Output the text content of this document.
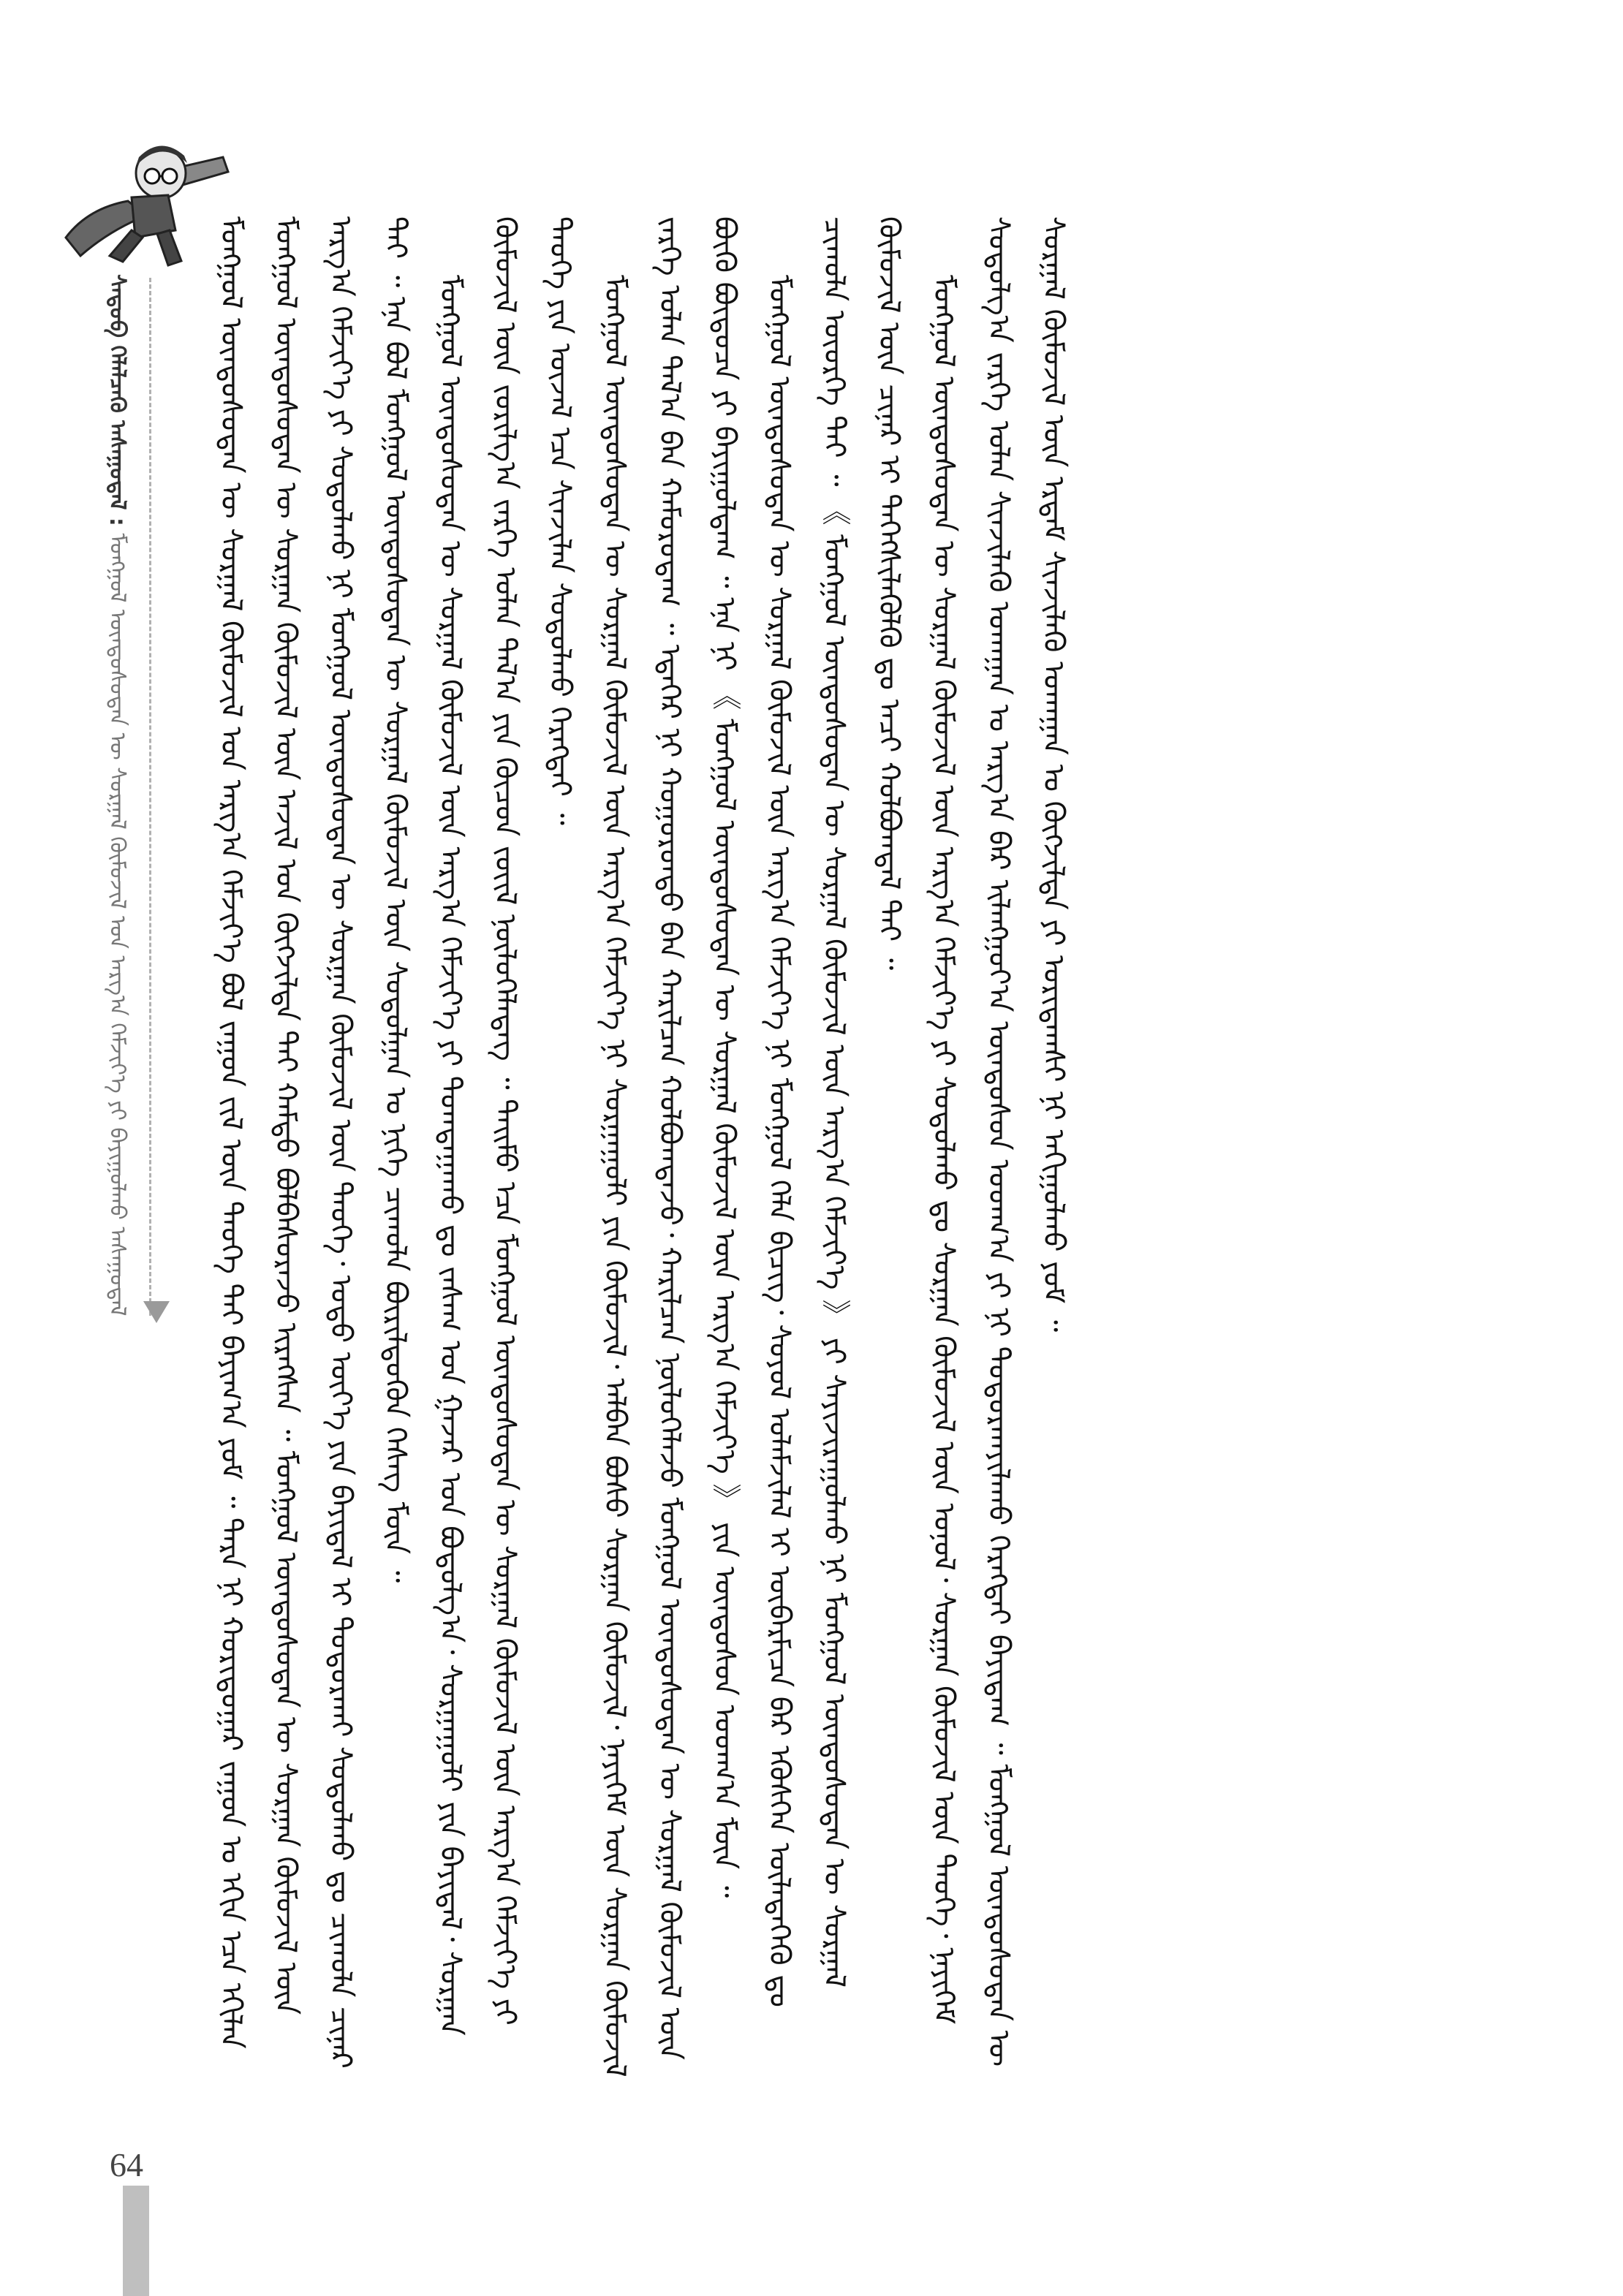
ᠰᠡᠳᠦᠪ ᠬᠡᠯᠡᠯᠴᠡᠬᠦ ᠠᠰᠠᠭᠤᠳᠠᠯ : ᠮᠣᠩᠭᠣᠯ ᠦᠨᠳᠦᠰᠦᠲᠡᠨ ᠦ ᠰᠤᠷᠭᠠᠯ ᠬᠦᠮᠦᠵᠢᠯ ᠤᠨ ᠠᠷᠭ᠎ᠠ ᠬᠡᠮᠵᠢᠶ᠎ᠡ ᠶᠢ ᠪᠠᠶᠢᠭᠤᠯᠬᠤ ᠠᠰᠠᠭᠤᠳᠠᠯ	ᠮᠣᠩᠭᠣᠯ ᠦᠨᠳᠦᠰᠦᠲᠡᠨ ᠦ ᠰᠤᠷᠭᠠᠯ ᠬᠦᠮᠦᠵᠢᠯ ᠤᠨ ᠠᠷᠭ᠎ᠠ ᠬᠡᠮᠵᠢᠶ᠎ᠡ ᠪᠣᠯ ᠵᠠᠭᠤᠨ ᠵᠢᠯ ᠦᠨ ᠲᠡᠦᠬᠡ ᠲᠡᠢ ᠪᠠᠶᠢᠭ᠎ᠠ ᠶᠤᠮ ᠃ ᠲᠡᠷᠡ ᠨᠢ ᠬᠣᠷᠢᠳᠤᠭᠠᠷ ᠵᠠᠭᠤᠨ ᠤ ᠡᠬᠢᠨ ᠡᠴᠡ ᠡᠬᠢᠯᠡᠨ ᠮᠣᠩᠭᠣᠯ ᠦᠨᠳᠦᠰᠦᠲᠡᠨ ᠦ ᠰᠤᠷᠭᠠᠨ ᠬᠦᠮᠦᠵᠢᠯ ᠦᠨ ᠠᠵᠢᠯ ᠤᠨ ᠬᠦᠭᠵᠢᠯᠲᠡ ᠲᠠᠢ ᠬᠠᠮᠲᠤ ᠪᠣᠯᠪᠠᠰᠤᠷᠠᠵᠤ ᠢᠷᠡᠭᠰᠡᠨ ᠃ ᠮᠣᠩᠭᠣᠯ ᠦᠨᠳᠦᠰᠦᠲᠡᠨ ᠦ ᠰᠤᠷᠭᠠᠨ ᠬᠦᠮᠦᠵᠢᠯ ᠦᠨ ᠠᠷᠭ᠎ᠠ ᠬᠡᠮᠵᠢᠶ᠎ᠡ ᠶᠢ ᠰᠤᠳᠤᠯᠬᠤ ᠨᠢ ᠮᠣᠩᠭᠣᠯ ᠦᠨᠳᠦᠰᠦᠲᠡᠨ ᠦ ᠰᠤᠷᠭᠠᠨ ᠬᠦᠮᠦᠵᠢᠯ ᠦᠨ ᠲᠡᠦᠬᠡ᠂ ᠣᠳᠣ ᠦᠶ᠎ᠡ ᠶᠢᠨ ᠪᠠᠶᠢᠳᠠᠯ ᠢ ᠲᠣᠳᠣᠷᠬᠠᠶ ᠰᠤᠳᠤᠯᠬᠤ ᠳᠤ ᠴᠢᠬᠤᠯᠠ ᠴᠢᠨᠠᠷ ᠲᠠᠢ ᠃ ᠡᠨᠡ ᠪᠣᠯ ᠮᠣᠩᠭᠣᠯ ᠦᠨᠳᠦᠰᠦᠲᠡᠨ ᠦ ᠰᠤᠷᠭᠠᠯ ᠬᠦᠮᠦᠵᠢᠯ ᠦᠨ ᠰᠤᠳᠤᠯᠭᠠᠨ ᠤ ᠨᠢᠭᠡ ᠴᠢᠬᠤᠯᠠ ᠪᠦᠷᠢᠯᠳᠦᠬᠦᠨ ᠬᠡᠰᠡᠭ ᠮᠥᠨ ᠃ ᠮᠣᠩᠭᠣᠯ ᠦᠨᠳᠦᠰᠦᠲᠡᠨ ᠦ ᠰᠤᠷᠭᠠᠯ ᠬᠦᠮᠦᠵᠢᠯ ᠦᠨ ᠠᠷᠭ᠎ᠠ ᠬᠡᠮᠵᠢᠶ᠎ᠡ ᠶᠢ ᠲᠣᠭᠲᠠᠭᠠᠬᠤ ᠳᠤ ᠵᠠᠰᠠᠭ ᠤᠨ ᠭᠠᠵᠠᠷ ᠤᠨ ᠪᠣᠳᠣᠯᠭ᠎ᠠ᠂ ᠰᠤᠷᠭᠠᠭᠤᠯᠢ ᠶᠢᠨ ᠪᠠᠶᠢᠳᠠᠯ᠂ ᠰᠤᠷᠭᠠᠨ ᠬᠦᠮᠦᠵᠢᠯ ᠦᠨ ᠵᠣᠷᠢᠯᠭ᠎ᠠ ᠵᠡᠷᠭᠡ ᠣᠯᠠᠨ ᠲᠠᠯ᠎ᠠ ᠶᠢᠨ ᠬᠦᠴᠦᠨ ᠵᠦᠢᠯ ᠨᠥᠯᠦᠭᠡᠯᠡᠳᠡᠭ ᠃ ᠲᠡᠢᠮᠦ ᠡᠴᠡ ᠮᠣᠩᠭᠣᠯ ᠦᠨᠳᠦᠰᠦᠲᠡᠨ ᠦ ᠰᠤᠷᠭᠠᠯ ᠬᠦᠮᠦᠵᠢᠯ ᠦᠨ ᠠᠷᠭ᠎ᠠ ᠬᠡᠮᠵᠢᠶ᠎ᠡ ᠶᠢ ᠲᠡᠦᠬᠡ ᠶᠢᠨ ᠦᠵᠡᠯ ᠡᠴᠡ ᠰᠢᠨᠵᠢᠯᠡᠨ ᠰᠤᠳᠤᠯᠬᠤ ᠬᠡᠷᠡᠭᠲᠡᠢ ᠃ ᠮᠣᠩᠭᠣᠯ ᠦᠨᠳᠦᠰᠦᠲᠡᠨ ᠦ ᠰᠤᠷᠭᠠᠯ ᠬᠦᠮᠦᠵᠢᠯ ᠦᠨ ᠠᠷᠭ᠎ᠠ ᠬᠡᠮᠵᠢᠶ᠎ᠡ ᠨᠢ ᠰᠤᠷᠭᠠᠭᠤᠯᠢ ᠶᠢᠨ ᠬᠦᠮᠦᠵᠢᠯ᠂ ᠠᠯᠪᠠᠨ ᠪᠤᠰᠤ ᠰᠤᠷᠭᠠᠨ ᠬᠦᠮᠦᠵᠢᠯ᠂ ᠨᠡᠶᠢᠭᠡᠮ ᠦᠨ ᠰᠤᠷᠭᠠᠨ ᠬᠦᠮᠦᠵᠢᠯ ᠵᠡᠷᠭᠡ ᠣᠯᠠᠨ ᠲᠠᠯ᠎ᠠ ᠪᠠᠨ ᠬᠠᠮᠤᠷᠤᠳᠠᠭ ᠃ ᠡᠳᠡᠭᠡᠷ ᠨᠢ ᠬᠣᠭᠣᠷᠤᠨᠳᠤ ᠪᠡᠨ ᠬᠠᠷᠢᠯᠴᠠᠨ ᠬᠣᠯᠪᠣᠭᠳᠠᠵᠤ᠂ ᠬᠠᠷᠢᠯᠴᠠᠨ ᠨᠥᠯᠦᠭᠡᠯᠡᠵᠦ ᠮᠣᠩᠭᠣᠯ ᠦᠨᠳᠦᠰᠦᠲᠡᠨ ᠦ ᠰᠤᠷᠭᠠᠯ ᠬᠦᠮᠦᠵᠢᠯ ᠦᠨ ᠪᠦᠬᠦ ᠪᠦᠲᠦᠴᠡ ᠶᠢ ᠪᠠᠶᠢᠭᠤᠯᠳᠠᠭ ᠃ ᠡᠨᠡ ᠨᠢ 《 ᠮᠣᠩᠭᠣᠯ ᠦᠨᠳᠦᠰᠦᠲᠡᠨ ᠦ ᠰᠤᠷᠭᠠᠯ ᠬᠦᠮᠦᠵᠢᠯ ᠦᠨ ᠠᠷᠭ᠎ᠠ ᠬᠡᠮᠵᠢᠶ᠎ᠡ 》 ᠶᠢᠨ ᠦᠨᠳᠦᠰᠦᠨ ᠤᠳᠬ᠎ᠠ ᠮᠥᠨ ᠃ ᠮᠣᠩᠭᠣᠯ ᠦᠨᠳᠦᠰᠦᠲᠡᠨ ᠦ ᠰᠤᠷᠭᠠᠯ ᠬᠦᠮᠦᠵᠢᠯ ᠦᠨ ᠠᠷᠭ᠎ᠠ ᠬᠡᠮᠵᠢᠶ᠎ᠡ ᠨᠢ ᠮᠣᠩᠭᠣᠯ ᠬᠡᠯᠡ ᠪᠢᠴᠢᠭ᠂ ᠰᠣᠶᠣᠯ ᠤᠯᠠᠮᠵᠢᠯᠠᠯ ᠢ ᠥᠪᠡᠷᠮᠢᠴᠡ ᠪᠡᠷ ᠡᠭᠦᠰᠬᠡᠨ ᠦᠯᠡᠳᠡᠭᠡᠬᠦ ᠳᠤ ᠴᠢᠬᠤᠯᠠ ᠦᠦᠷᠭᠡ ᠲᠠᠢ ᠃ 《 ᠮᠣᠩᠭᠣᠯ ᠦᠨᠳᠦᠰᠦᠲᠡᠨ ᠦ ᠰᠤᠷᠭᠠᠯ ᠬᠦᠮᠦᠵᠢᠯ ᠦᠨ ᠠᠷᠭ᠎ᠠ ᠬᠡᠮᠵᠢᠶ᠎ᠡ 》 ᠶᠢ ᠰᠠᠶᠢᠵᠢᠷᠠᠭᠤᠯᠬᠤ ᠨᠢ ᠮᠣᠩᠭᠣᠯ ᠦᠨᠳᠦᠰᠦᠲᠡᠨ ᠦ ᠰᠤᠷᠭᠠᠯ ᠬᠦᠮᠦᠵᠢᠯ ᠦᠨ ᠴᠢᠨᠠᠷ ᠢ ᠳᠡᠭᠡᠭᠰᠢᠯᠡᠭᠦᠯᠬᠦ ᠳᠤ ᠠᠴᠢ ᠬᠣᠯᠪᠣᠭᠳᠠᠯ ᠲᠠᠢ ᠃ ᠮᠣᠩᠭᠣᠯ ᠦᠨᠳᠦᠰᠦᠲᠡᠨ ᠦ ᠰᠤᠷᠭᠠᠯ ᠬᠦᠮᠦᠵᠢᠯ ᠦᠨ ᠠᠷᠭ᠎ᠠ ᠬᠡᠮᠵᠢᠶ᠎ᠡ ᠶᠢ ᠰᠤᠳᠤᠯᠬᠤ ᠳᠤ ᠰᠤᠷᠭᠠᠨ ᠬᠦᠮᠦᠵᠢᠯ ᠦᠨ ᠣᠨᠣᠯ᠂ ᠰᠤᠷᠭᠠᠨ ᠬᠦᠮᠦᠵᠢᠯ ᠦᠨ ᠲᠡᠦᠬᠡ᠂ ᠨᠡᠶᠢᠭᠡᠮ ᠰᠤᠳᠤᠯᠭ᠎ᠠ ᠵᠡᠷᠭᠡ ᠣᠯᠠᠨ ᠰᠢᠨᠵᠢᠯᠡᠬᠦ ᠤᠬᠠᠭᠠᠨ ᠤ ᠠᠷᠭ᠎ᠠ ᠪᠠᠷ ᠢᠯᠠᠩᠭᠤᠶ᠎ᠠ ᠦᠨᠳᠦᠰᠦᠨ ᠤᠳᠬ᠎ᠠ ᠶᠢ ᠨᠢ ᠲᠣᠳᠣᠷᠬᠠᠶᠢᠯᠠᠬᠤ ᠬᠡᠷᠡᠭᠲᠡᠢ ᠪᠠᠶᠢᠳᠠᠭ ᠃ ᠮᠣᠩᠭᠣᠯ ᠦᠨᠳᠦᠰᠦᠲᠡᠨ ᠦ ᠰᠤᠷᠭᠠᠯ ᠬᠦᠮᠦᠵᠢᠯ ᠦᠨ ᠡᠷᠳᠡᠮ ᠰᠢᠨᠵᠢᠯᠡᠬᠦ ᠤᠬᠠᠭᠠᠨ ᠤ ᠬᠥᠭᠵᠢᠯᠲᠡ ᠶᠢ ᠤᠷᠢᠳᠠᠭᠰᠢ ᠨᠢ ᠠᠬᠢᠭᠤᠯᠬᠤ ᠶᠤᠮ ᠃

64
